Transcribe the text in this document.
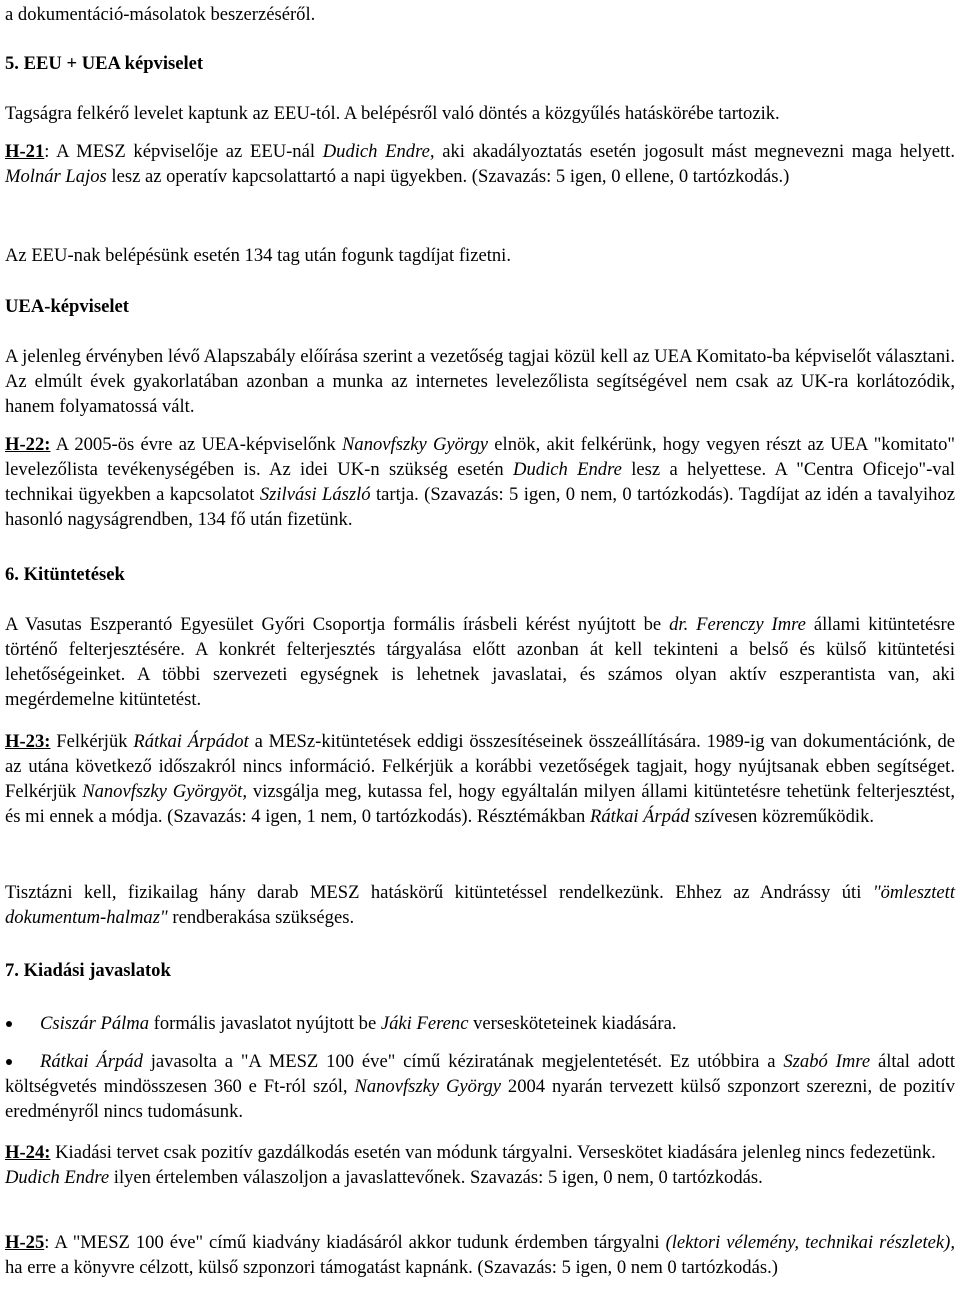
a dokumentáció-másolatok beszerzéséről.

5. EEU + UEA képviselet

Tagságra felkérő levelet kaptunk az EEU-tól. A belépésről való döntés a közgyűlés hatáskörébe tartozik.

H-21: A MESZ képviselője az EEU-nál Dudich Endre, aki akadályoztatás esetén jogosult mást megnevezni maga helyett. Molnár Lajos lesz az operatív kapcsolattartó a napi ügyekben. (Szavazás: 5 igen, 0 ellene, 0 tartózkodás.)

Az EEU-nak belépésünk esetén 134 tag után fogunk tagdíjat fizetni.

UEA-képviselet

A jelenleg érvényben lévő Alapszabály előírása szerint a vezetőség tagjai közül kell az UEA Komitato-ba képviselőt választani. Az elmúlt évek gyakorlatában azonban a munka az internetes levelezőlista segítségével nem csak az UK-ra korlátozódik, hanem folyamatossá vált.

H-22: A 2005-ös évre az UEA-képviselőnk Nanovfszky György elnök, akit felkérünk, hogy vegyen részt az UEA "komitato" levelezőlista tevékenységében is. Az idei UK-n szükség esetén Dudich Endre lesz a helyettese. A "Centra Oficejo"-val technikai ügyekben a kapcsolatot Szilvási László tartja. (Szavazás: 5 igen, 0 nem, 0 tartózkodás). Tagdíjat az idén a tavalyihoz hasonló nagyságrendben, 134 fő után fizetünk.

6. Kitüntetések

A Vasutas Eszperantó Egyesület Győri Csoportja formális írásbeli kérést nyújtott be dr. Ferenczy Imre állami kitüntetésre történő felterjesztésére. A konkrét felterjesztés tárgyalása előtt azonban át kell tekinteni a belső és külső kitüntetési lehetőségeinket. A többi szervezeti egységnek is lehetnek javaslatai, és számos olyan aktív eszperantista van, aki megérdemelne kitüntetést.

H-23: Felkérjük Rátkai Árpádot a MESz-kitüntetések eddigi összesítéseinek összeállítására. 1989-ig van dokumentációnk, de az utána következő időszakról nincs információ. Felkérjük a korábbi vezetőségek tagjait, hogy nyújtsanak ebben segítséget. Felkérjük Nanovfszky Györgyöt, vizsgálja meg, kutassa fel, hogy egyáltalán milyen állami kitüntetésre tehetünk felterjesztést, és mi ennek a módja. (Szavazás: 4 igen, 1 nem, 0 tartózkodás). Résztémákban Rátkai Árpád szívesen közreműködik.

Tisztázni kell, fizikailag hány darab MESZ hatáskörű kitüntetéssel rendelkezünk. Ehhez az Andrássy úti "ömlesztett dokumentum-halmaz" rendberakása szükséges.

7. Kiadási javaslatok

Csiszár Pálma formális javaslatot nyújtott be Jáki Ferenc versesköteteinek kiadására.

Rátkai Árpád javasolta a "A MESZ 100 éve" című kéziratának megjelentetését. Ez utóbbira a Szabó Imre által adott költségvetés mindösszesen 360 e Ft-ról szól, Nanovfszky György 2004 nyarán tervezett külső szponzort szerezni, de pozitív eredményről nincs tudomásunk.

H-24: Kiadási tervet csak pozitív gazdálkodás esetén van módunk tárgyalni. Verseskötet kiadására jelenleg nincs fedezetünk. Dudich Endre ilyen értelemben válaszoljon a javaslattevőnek. Szavazás: 5 igen, 0 nem, 0 tartózkodás.

H-25: A "MESZ 100 éve" című kiadvány kiadásáról akkor tudunk érdemben tárgyalni (lektori vélemény, technikai részletek), ha erre a könyvre célzott, külső szponzori támogatást kapnánk. (Szavazás: 5 igen, 0 nem 0 tartózkodás.)
